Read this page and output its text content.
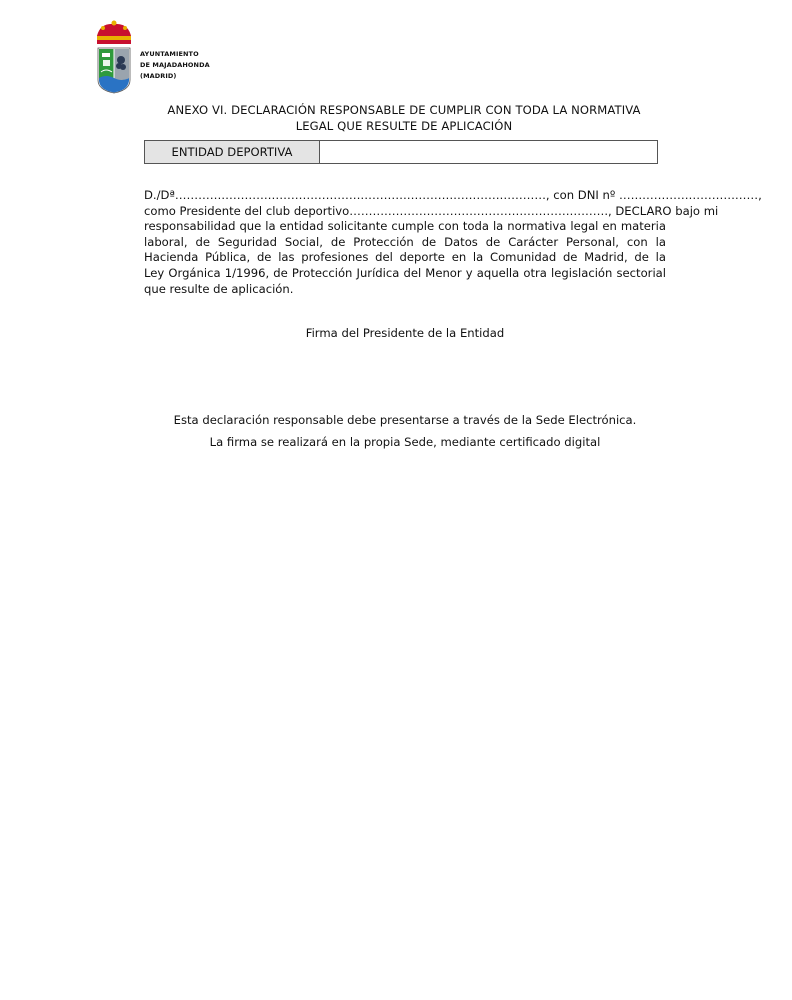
AYUNTAMIENTO
DE MAJADAHONDA
(MADRID)
ANEXO VI. DECLARACIÓN RESPONSABLE DE CUMPLIR CON TODA LA NORMATIVA
LEGAL QUE RESULTE DE APLICACIÓN
ENTIDAD DEPORTIVA
D./Dª……………………………………………………………………………………, con DNI nº ………………………………,
como Presidente del club deportivo…………………………………………………………., DECLARO bajo mi
responsabilidad que la entidad solicitante cumple con toda la normativa legal en materia
laboral, de Seguridad Social, de Protección de Datos de Carácter Personal, con la
Hacienda Pública, de las profesiones del deporte en la Comunidad de Madrid, de la
Ley Orgánica 1/1996, de Protección Jurídica del Menor y aquella otra legislación sectorial
que resulte de aplicación.
Firma del Presidente de la Entidad
Esta declaración responsable debe presentarse a través de la Sede Electrónica.
La firma se realizará en la propia Sede, mediante certificado digital
